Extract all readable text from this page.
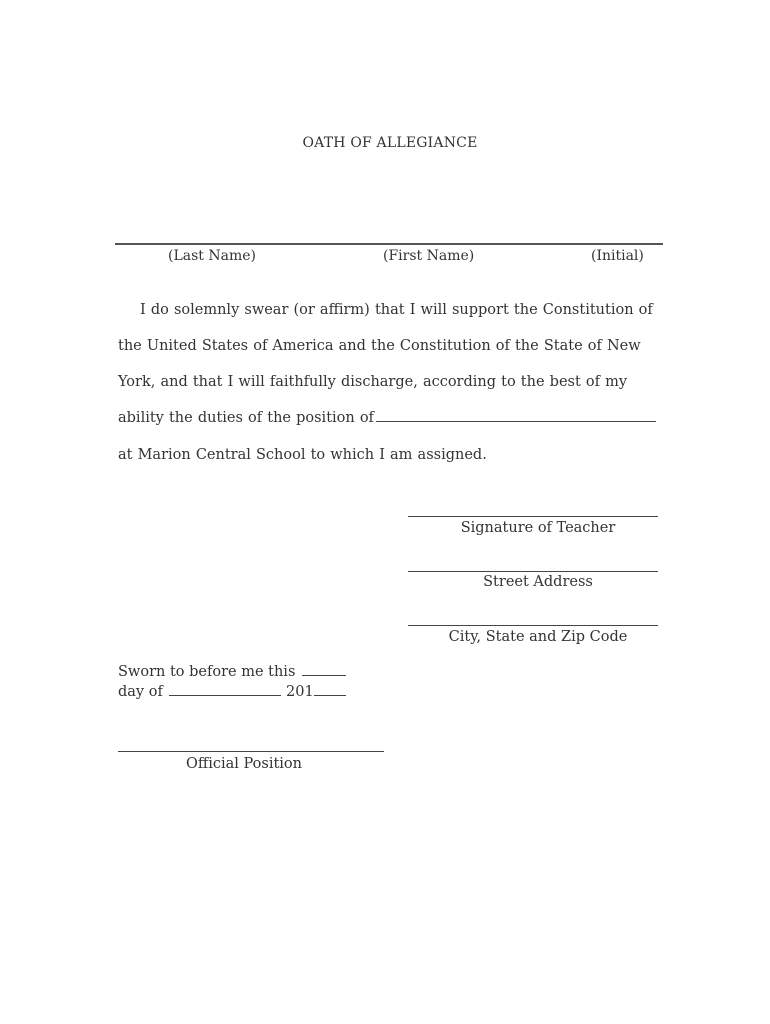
OATH OF ALLEGIANCE
(Last Name)	(First Name)	(Initial)
I do solemnly swear (or affirm) that I will support the Constitution of
the United States of America and the Constitution of the State of New
York, and that I will faithfully discharge, according to the best of my
ability the duties of the position of
at Marion Central School to which I am assigned.
Signature of Teacher
Street Address
City, State and Zip Code
Sworn to before me this
day of	201
Official Position
